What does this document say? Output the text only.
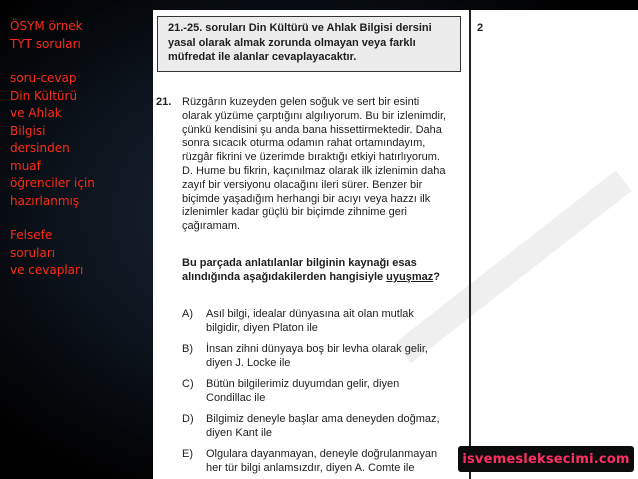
ÖSYM örnek
TYT soruları
soru-cevap
Din Kültürü
ve Ahlak
Bilgisi
dersinden
muaf
öğrenciler için
hazırlanmış
Felsefe
soruları
ve cevapları
21.-25. soruları Din Kültürü ve Ahlak Bilgisi dersini
yasal olarak almak zorunda olmayan veya farklı
müfredat ile alanlar cevaplayacaktır.
2
21. Rüzgârın kuzeyden gelen soğuk ve sert bir esinti
olarak yüzüme çarptığını algılıyorum. Bu bir izlenimdir,
çünkü kendisini şu anda bana hissettirmektedir. Daha
sonra sıcacık oturma odamın rahat ortamındayım,
rüzgâr fikrini ve üzerimde bıraktığı etkiyi hatırlıyorum.
D. Hume bu fikrin, kaçınılmaz olarak ilk izlenimin daha
zayıf bir versiyonu olacağını ileri sürer. Benzer bir
biçimde yaşadığım herhangi bir acıyı veya hazzı ilk
izlenimler kadar güçlü bir biçimde zihnime geri
çağıramam.
Bu parçada anlatılanlar bilginin kaynağı esas
alındığında aşağıdakilerden hangisiyle uyuşmaz?
A)	Asıl bilgi, idealar dünyasına ait olan mutlak
bilgidir, diyen Platon ile
B)	İnsan zihni dünyaya boş bir levha olarak gelir,
diyen J. Locke ile
C)	Bütün bilgilerimiz duyumdan gelir, diyen
Condillac ile
D)	Bilgimiz deneyle başlar ama deneyden doğmaz,
diyen Kant ile
E)	Olgulara dayanmayan, deneyle doğrulanmayan
her tür bilgi anlamsızdır, diyen A. Comte ile
isvemesleksecimi.com
